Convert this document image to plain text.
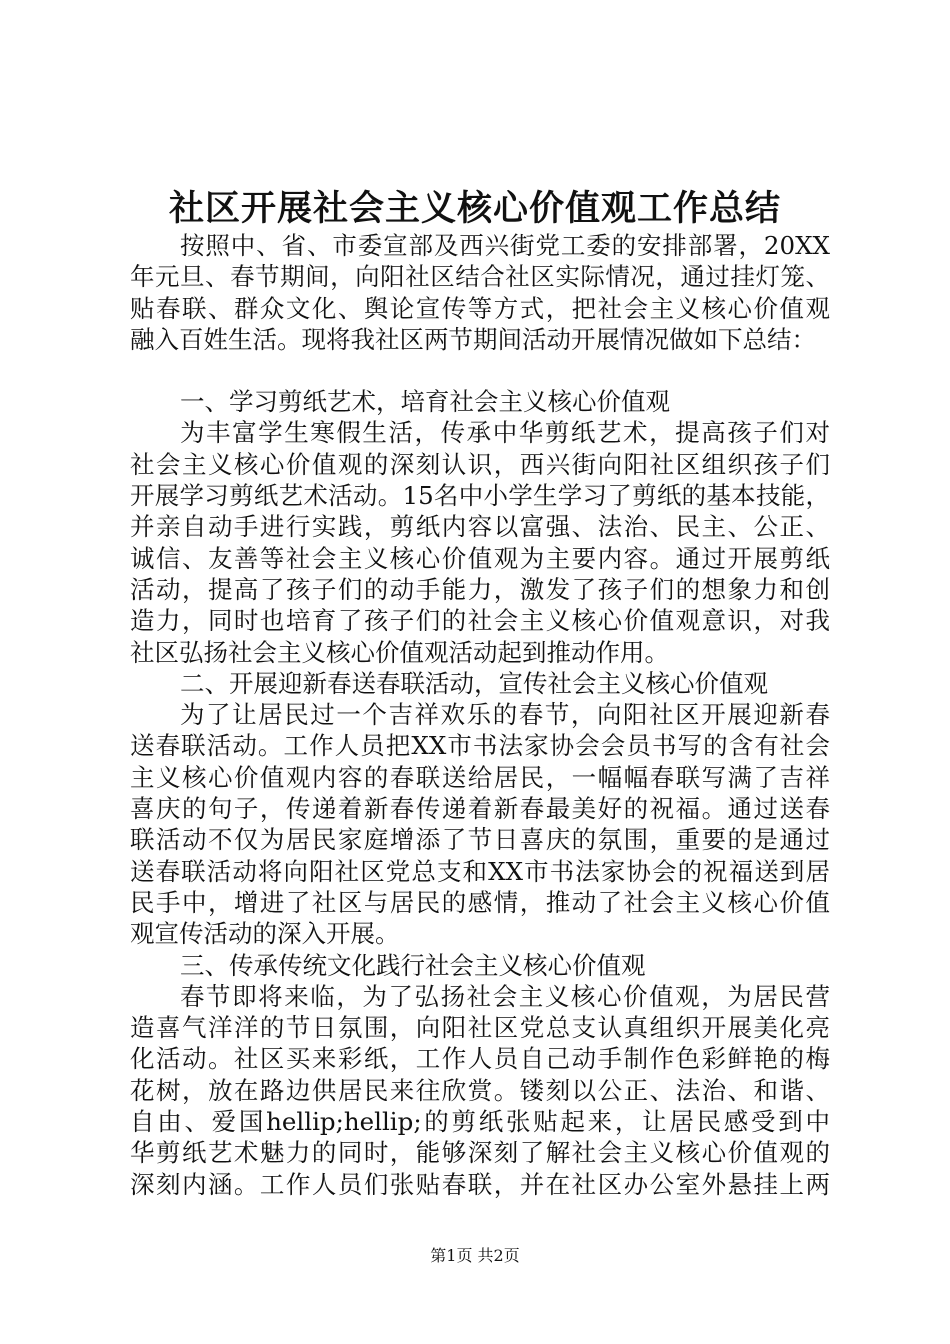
社区开展社会主义核心价值观工作总结
按照中、省、市委宣部及西兴街党工委的安排部署，20XX
年元旦、春节期间，向阳社区结合社区实际情况，通过挂灯笼、
贴春联、群众文化、舆论宣传等方式，把社会主义核心价值观
融入百姓生活。现将我社区两节期间活动开展情况做如下总结：
一、学习剪纸艺术，培育社会主义核心价值观
为丰富学生寒假生活，传承中华剪纸艺术，提高孩子们对
社会主义核心价值观的深刻认识，西兴街向阳社区组织孩子们
开展学习剪纸艺术活动。15名中小学生学习了剪纸的基本技能，
并亲自动手进行实践，剪纸内容以富强、法治、民主、公正、
诚信、友善等社会主义核心价值观为主要内容。通过开展剪纸
活动，提高了孩子们的动手能力，激发了孩子们的想象力和创
造力，同时也培育了孩子们的社会主义核心价值观意识，对我
社区弘扬社会主义核心价值观活动起到推动作用。
二、开展迎新春送春联活动，宣传社会主义核心价值观
为了让居民过一个吉祥欢乐的春节，向阳社区开展迎新春
送春联活动。工作人员把XX市书法家协会会员书写的含有社会
主义核心价值观内容的春联送给居民，一幅幅春联写满了吉祥
喜庆的句子，传递着新春传递着新春最美好的祝福。通过送春
联活动不仅为居民家庭增添了节日喜庆的氛围，重要的是通过
送春联活动将向阳社区党总支和XX市书法家协会的祝福送到居
民手中，增进了社区与居民的感情，推动了社会主义核心价值
观宣传活动的深入开展。
三、传承传统文化践行社会主义核心价值观
春节即将来临，为了弘扬社会主义核心价值观，为居民营
造喜气洋洋的节日氛围，向阳社区党总支认真组织开展美化亮
化活动。社区买来彩纸，工作人员自己动手制作色彩鲜艳的梅
花树，放在路边供居民来往欣赏。镂刻以公正、法治、和谐、
自由、爱国hellip;hellip;的剪纸张贴起来，让居民感受到中
华剪纸艺术魅力的同时，能够深刻了解社会主义核心价值观的
深刻内涵。工作人员们张贴春联，并在社区办公室外悬挂上两
第1页 共2页
